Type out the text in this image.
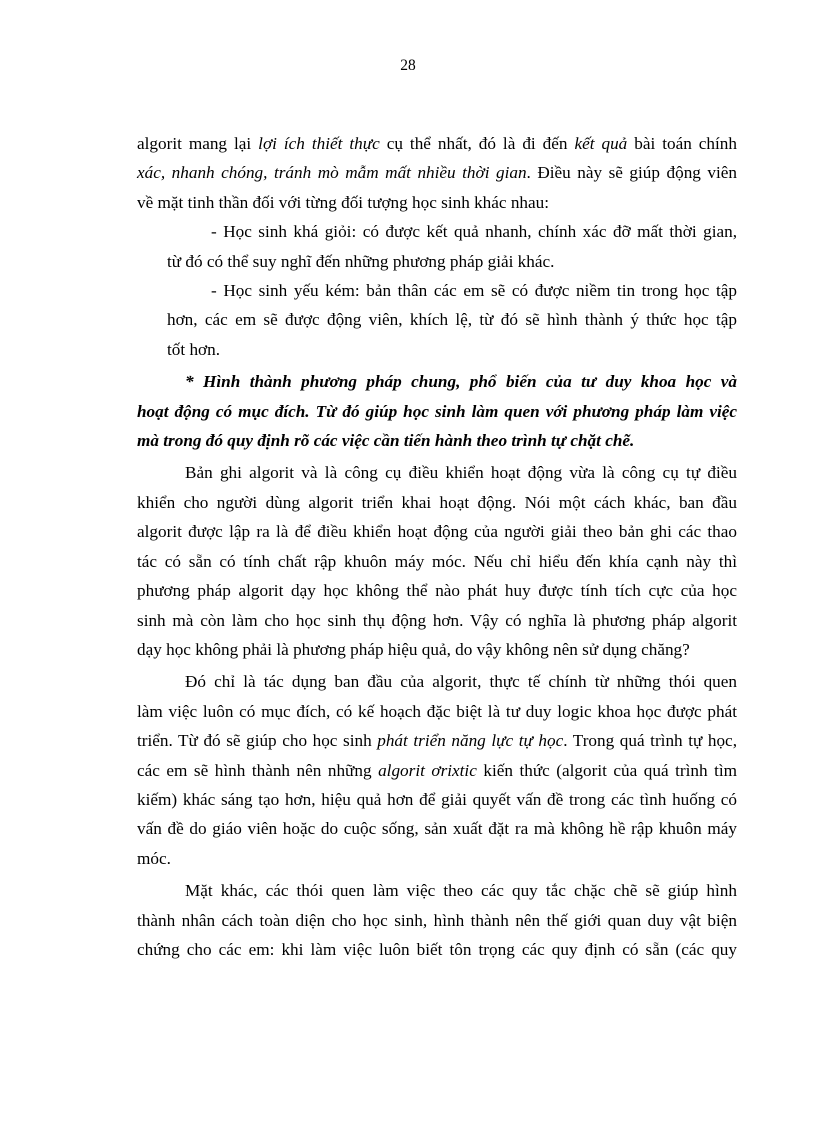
28

algorit mang lại lợi ích thiết thực cụ thể nhất, đó là đi đến kết quả bài toán chính
xác, nhanh chóng, tránh mò mẫm mất nhiều thời gian. Điều này sẽ giúp động viên
về mặt tinh thần đối với từng đối tượng học sinh khác nhau:

- Học sinh khá giỏi: có được kết quả nhanh, chính xác đỡ mất thời gian,
từ đó có thể suy nghĩ đến những phương pháp giải khác.

- Học sinh yếu kém: bản thân các em sẽ có được niềm tin trong học tập
hơn, các em sẽ được động viên, khích lệ, từ đó sẽ hình thành ý thức học tập
tốt hơn.

* Hình thành phương pháp chung, phổ biến của tư duy khoa học và
hoạt động có mục đích. Từ đó giúp học sinh làm quen với phương pháp làm việc
mà trong đó quy định rõ các việc cần tiến hành theo trình tự chặt chẽ.

Bản ghi algorit và là công cụ điều khiển hoạt động vừa là công cụ tự điều
khiển cho người dùng algorit triển khai hoạt động. Nói một cách khác, ban đầu
algorit được lập ra là để điều khiển hoạt động của người giải theo bản ghi các thao
tác có sẵn có tính chất rập khuôn máy móc. Nếu chỉ hiểu đến khía cạnh này thì
phương pháp algorit dạy học không thể nào phát huy được tính tích cực của học
sinh mà còn làm cho học sinh thụ động hơn. Vậy có nghĩa là phương pháp algorit
dạy học không phải là phương pháp hiệu quả, do vậy không nên sử dụng chăng?

Đó chỉ là tác dụng ban đầu của algorit, thực tế chính từ những thói quen
làm việc luôn có mục đích, có kế hoạch đặc biệt là tư duy logic khoa học được phát
triển. Từ đó sẽ giúp cho học sinh phát triển năng lực tự học. Trong quá trình tự học,
các em sẽ hình thành nên những algorit ơrixtic kiến thức (algorit của quá trình tìm
kiếm) khác sáng tạo hơn, hiệu quả hơn để giải quyết vấn đề trong các tình huống có
vấn đề do giáo viên hoặc do cuộc sống, sản xuất đặt ra mà không hề rập khuôn máy
móc.

Mặt khác, các thói quen làm việc theo các quy tắc chặc chẽ sẽ giúp hình
thành nhân cách toàn diện cho học sinh, hình thành nên thế giới quan duy vật biện
chứng cho các em: khi làm việc luôn biết tôn trọng các quy định có sẵn (các quy
